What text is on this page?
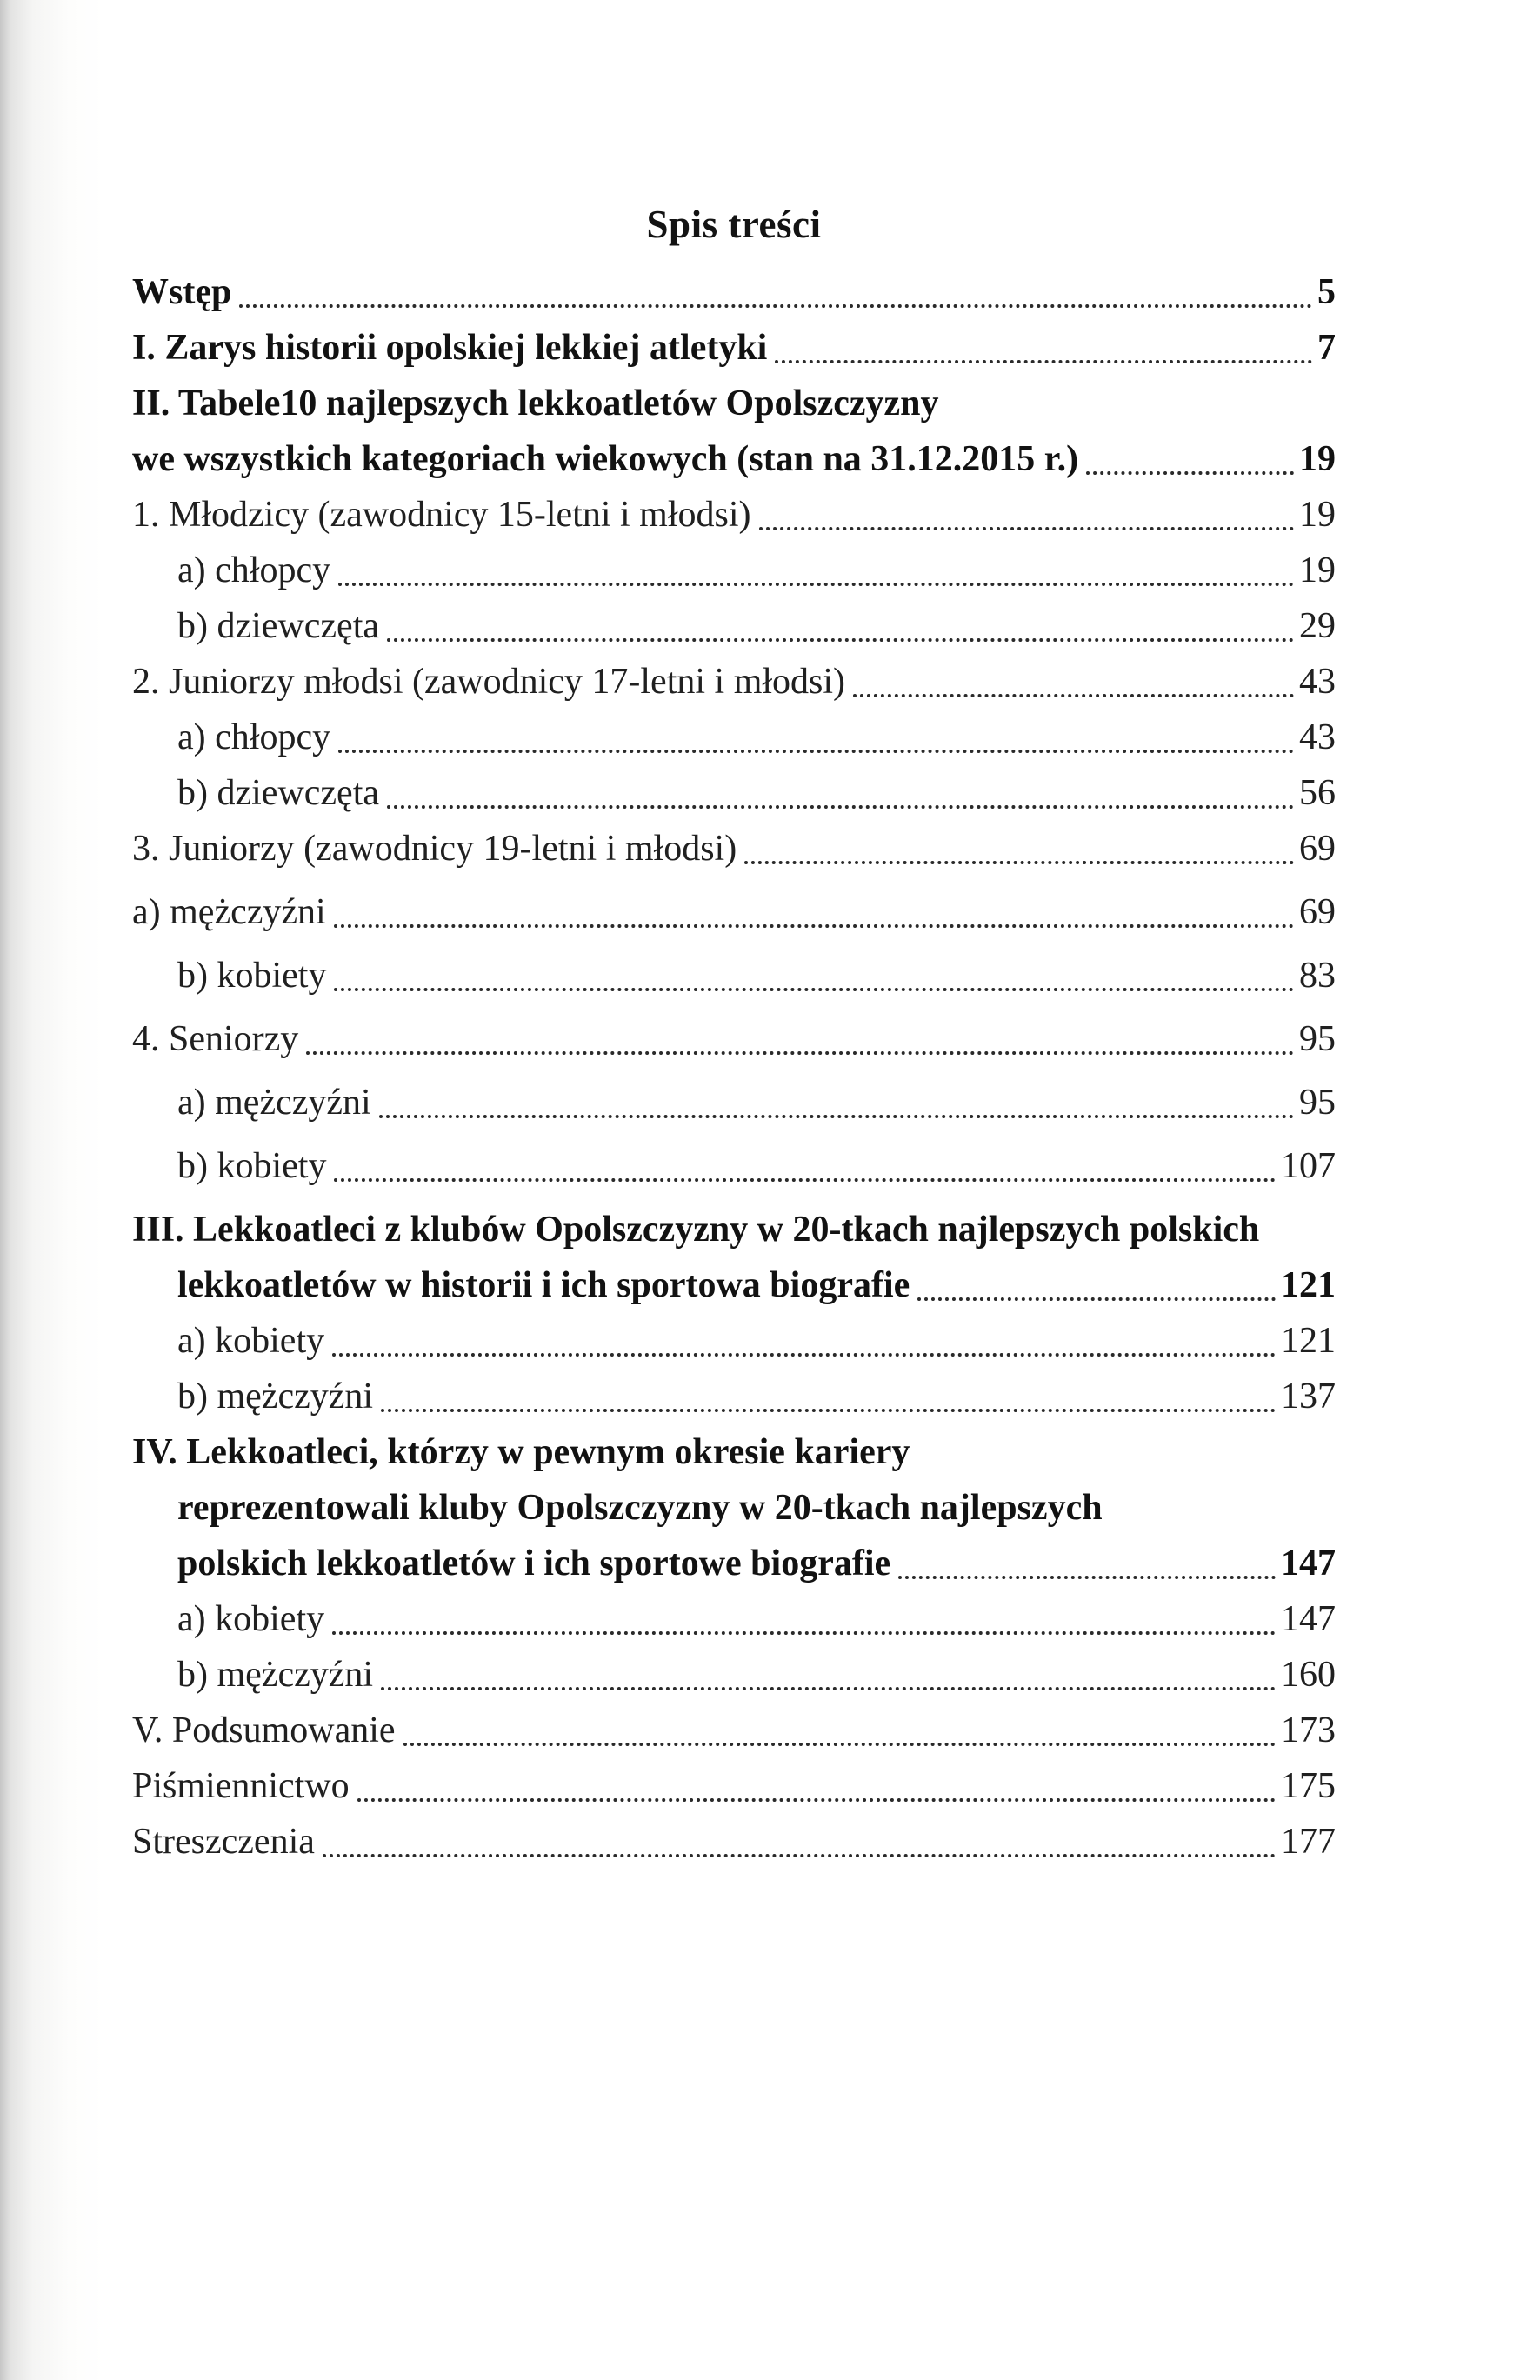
Spis treści
Wstęp	5
I. Zarys historii opolskiej lekkiej atletyki	7
II. Tabele10 najlepszych lekkoatletów Opolszczyzny
we wszystkich kategoriach wiekowych (stan na 31.12.2015 r.)	19
1. Młodzicy (zawodnicy 15-letni i młodsi)	19
a) chłopcy	19
b) dziewczęta	29
2. Juniorzy młodsi (zawodnicy 17-letni i młodsi)	43
a) chłopcy	43
b) dziewczęta	56
3. Juniorzy (zawodnicy 19-letni i młodsi)	69
a) mężczyźni	69
b) kobiety	83
4. Seniorzy	95
a) mężczyźni	95
b) kobiety	107
III. Lekkoatleci z klubów Opolszczyzny w 20-tkach najlepszych polskich
lekkoatletów w historii i ich sportowa biografie	121
a) kobiety	121
b) mężczyźni	137
IV. Lekkoatleci, którzy w pewnym okresie kariery
reprezentowali kluby Opolszczyzny w 20-tkach najlepszych
polskich lekkoatletów i ich sportowe biografie	147
a) kobiety	147
b) mężczyźni	160
V. Podsumowanie	173
Piśmiennictwo	175
Streszczenia	177
